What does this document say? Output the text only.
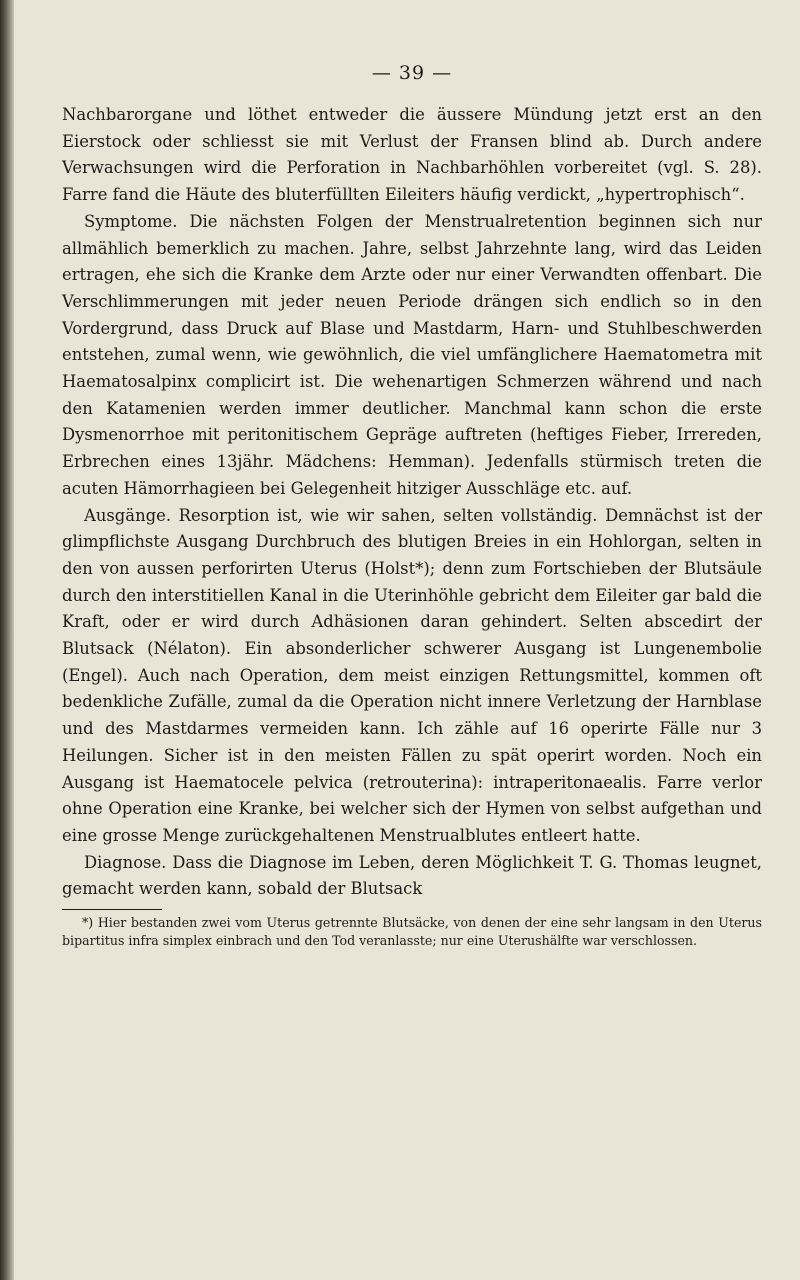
— 39 —

Nachbarorgane und löthet entweder die äussere Mündung jetzt erst an den Eierstock oder schliesst sie mit Verlust der Fransen blind ab. Durch andere Verwachsungen wird die Perforation in Nachbarhöhlen vorbereitet (vgl. S. 28). Farre fand die Häute des bluterfüllten Eileiters häufig verdickt, „hypertrophisch“.

Symptome. Die nächsten Folgen der Menstrualretention beginnen sich nur allmählich bemerklich zu machen. Jahre, selbst Jahrzehnte lang, wird das Leiden ertragen, ehe sich die Kranke dem Arzte oder nur einer Verwandten offenbart. Die Verschlimmerungen mit jeder neuen Periode drängen sich endlich so in den Vordergrund, dass Druck auf Blase und Mastdarm, Harn- und Stuhlbeschwerden entstehen, zumal wenn, wie gewöhnlich, die viel umfänglichere Haematometra mit Haematosalpinx complicirt ist. Die wehenartigen Schmerzen während und nach den Katamenien werden immer deutlicher. Manchmal kann schon die erste Dysmenorrhoe mit peritonitischem Gepräge auftreten (heftiges Fieber, Irrereden, Erbrechen eines 13jähr. Mädchens: Hemman). Jedenfalls stürmisch treten die acuten Hämorrhagieen bei Gelegenheit hitziger Ausschläge etc. auf.

Ausgänge. Resorption ist, wie wir sahen, selten vollständig. Demnächst ist der glimpflichste Ausgang Durchbruch des blutigen Breies in ein Hohlorgan, selten in den von aussen perforirten Uterus (Holst*); denn zum Fortschieben der Blutsäule durch den interstitiellen Kanal in die Uterinhöhle gebricht dem Eileiter gar bald die Kraft, oder er wird durch Adhäsionen daran gehindert. Selten abscedirt der Blutsack (Nélaton). Ein absonderlicher schwerer Ausgang ist Lungenembolie (Engel). Auch nach Operation, dem meist einzigen Rettungsmittel, kommen oft bedenkliche Zufälle, zumal da die Operation nicht innere Verletzung der Harnblase und des Mastdarmes vermeiden kann. Ich zähle auf 16 operirte Fälle nur 3 Heilungen. Sicher ist in den meisten Fällen zu spät operirt worden. Noch ein Ausgang ist Haematocele pelvica (retrouterina): intraperitonaealis. Farre verlor ohne Operation eine Kranke, bei welcher sich der Hymen von selbst aufgethan und eine grosse Menge zurückgehaltenen Menstrualblutes entleert hatte.

Diagnose. Dass die Diagnose im Leben, deren Möglichkeit T. G. Thomas leugnet, gemacht werden kann, sobald der Blutsack

*) Hier bestanden zwei vom Uterus getrennte Blutsäcke, von denen der eine sehr langsam in den Uterus bipartitus infra simplex einbrach und den Tod veranlasste; nur eine Uterushälfte war verschlossen.
